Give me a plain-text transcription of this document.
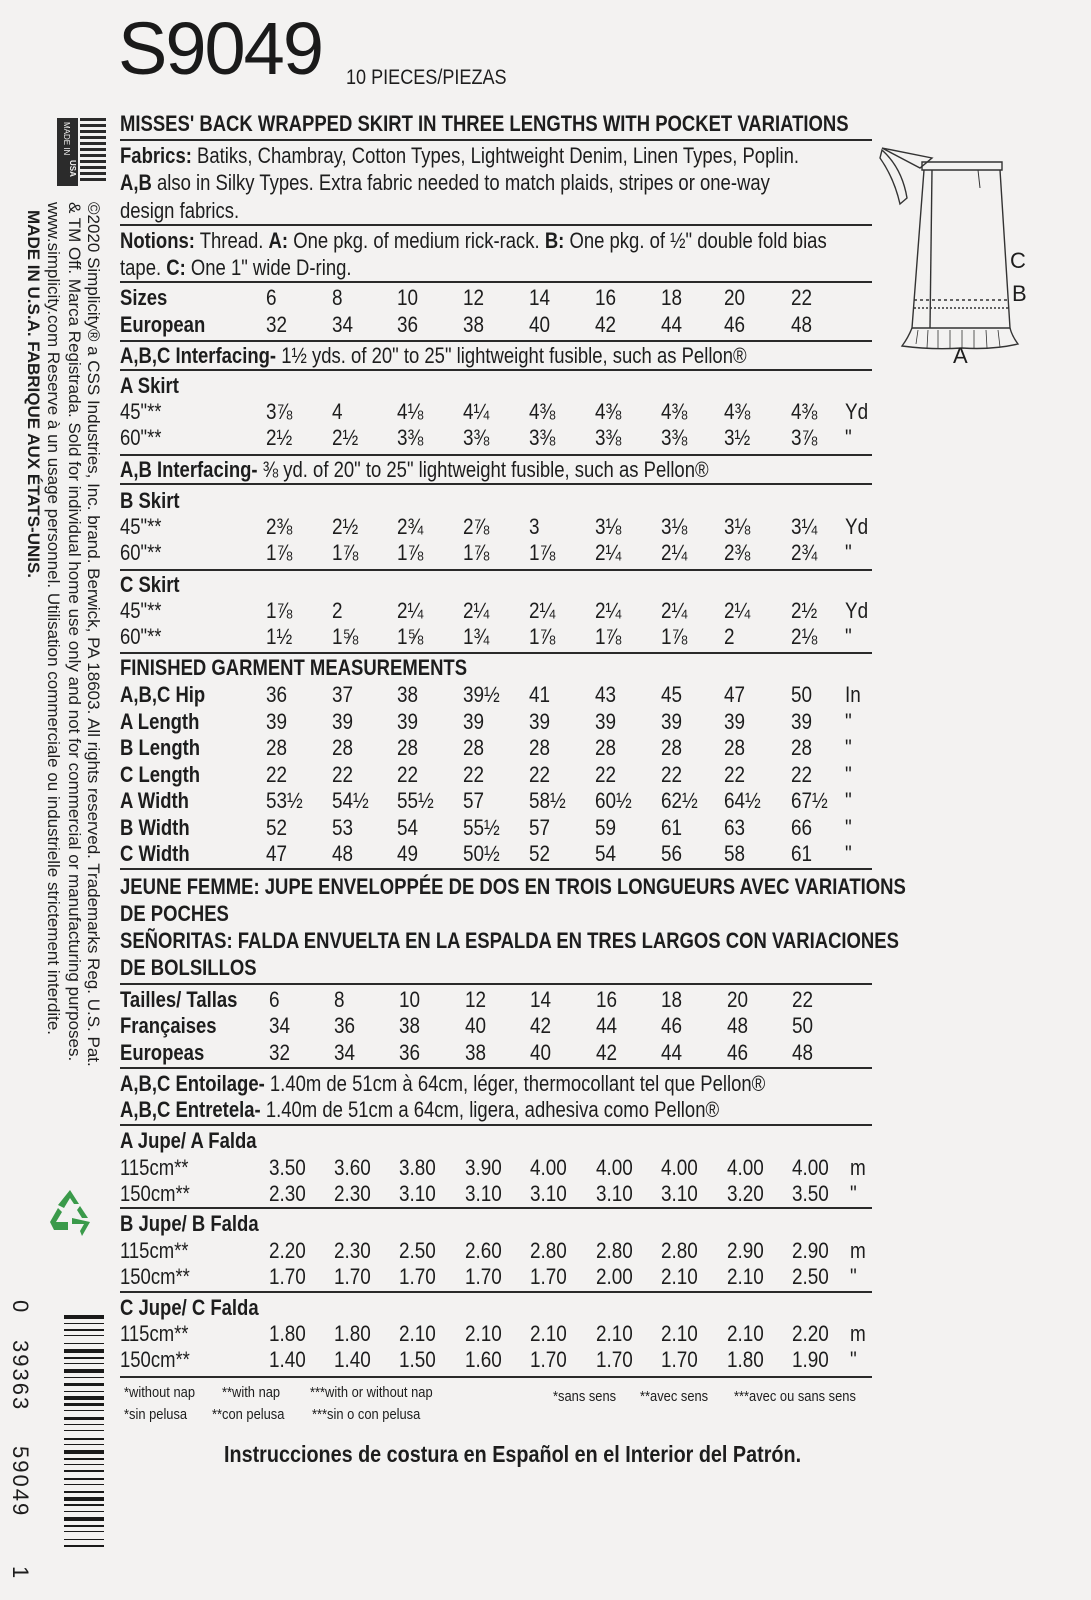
S9049 10 PIECES/PIEZAS
MADE IN
USA
©2020 Simplicity® a CSS Industries, Inc. brand. Berwick, PA 18603. All rights reserved. Trademarks Reg. U.S. Pat.
& TM Off. Marca Registrada. Sold for individual home use only and not for commercial or manufacturing purposes.
www.simplicity.com Reserve à un usage personnel. Utilisation commerciale ou industrielle strictement interdite.
MADE IN U.S.A. FABRIQUE AUX ÉTATS-UNIS.
0
39363
59049
1
C
B
A
MISSES' BACK WRAPPED SKIRT IN THREE LENGTHS WITH POCKET VARIATIONS
Fabrics: Batiks, Chambray, Cotton Types, Lightweight Denim, Linen Types, Poplin.
A,B also in Silky Types. Extra fabric needed to match plaids, stripes or one-way
design fabrics.
Notions: Thread. A: One pkg. of medium rick-rack. B: One pkg. of ½" double fold bias
tape. C: One 1" wide D-ring.
*without nap **with nap ***with or without nap
*sin pelusa **con pelusa ***sin o con pelusa
*sans sens **avec sens ***avec ou sans sens
Instrucciones de costura en Español en el Interior del Patrón.
Sizes	6	8 10 12 14 16 18 20 22
European	32 34 36 38 40 42 44 46 48
A,B,C Interfacing- 1½ yds. of 20" to 25" lightweight fusible, such as Pellon®
A Skirt
45"**	3⅞ 4 4⅛ 4¼ 4⅜ 4⅜ 4⅜ 4⅜ 4⅜ Yd
60"**	2½ 2½ 3⅜ 3⅜ 3⅜ 3⅜ 3⅜ 3½ 3⅞ "
A,B Interfacing- ⅜ yd. of 20" to 25" lightweight fusible, such as Pellon®
B Skirt
45"**	2⅜ 2½ 2¾ 2⅞ 3	3⅛ 3⅛ 3⅛ 3¼ Yd
60"**	1⅞ 1⅞ 1⅞ 1⅞ 1⅞ 2¼ 2¼ 2⅜ 2¾ "
C Skirt
45"**	1⅞ 2 2¼ 2¼ 2¼ 2¼ 2¼ 2¼ 2½ Yd
60"**	1½ 1⅝ 1⅝ 1¾ 1⅞ 1⅞ 1⅞ 2	2⅛ "
FINISHED GARMENT MEASUREMENTS
A,B,C Hip	36 37 38 39½ 41 43 45 47 50 In
A Length	39 39 39 39 39 39 39 39 39 "
B Length	28 28 28 28 28 28 28 28 28 "
C Length	22 22 22 22 22 22 22 22 22 "
A Width	53½ 54½ 55½ 57 58½ 60½ 62½ 64½ 67½ "
B Width	52 53 54 55½ 57 59 61 63 66 "
C Width	47 48 49 50½ 52 54 56 58 61 "
JEUNE FEMME: JUPE ENVELOPPÉE DE DOS EN TROIS LONGUEURS AVEC VARIATIONS
DE POCHES
SEÑORITAS: FALDA ENVUELTA EN LA ESPALDA EN TRES LARGOS CON VARIACIONES
DE BOLSILLOS
Tailles/ Tallas 6 8 10 12 14 16 18 20 22
Françaises 34 36 38 40 42 44 46 48 50
Europeas	32 34 36 38 40 42 44 46 48
A,B,C Entoilage- 1.40m de 51cm à 64cm, léger, thermocollant tel que Pellon®
A,B,C Entretela- 1.40m de 51cm a 64cm, ligera, adhesiva como Pellon®
A Jupe/ A Falda
115cm**	3.50 3.60 3.80 3.90 4.00 4.00 4.00 4.00 4.00 m
150cm**	2.30 2.30 3.10 3.10 3.10 3.10 3.10 3.20 3.50 "
B Jupe/ B Falda
115cm**	2.20 2.30 2.50 2.60 2.80 2.80 2.80 2.90 2.90 m
150cm**	1.70 1.70 1.70 1.70 1.70 2.00 2.10 2.10 2.50 "
C Jupe/ C Falda
115cm**	1.80 1.80 2.10 2.10 2.10 2.10 2.10 2.10 2.20 m
150cm**	1.40 1.40 1.50 1.60 1.70 1.70 1.70 1.80 1.90 "
